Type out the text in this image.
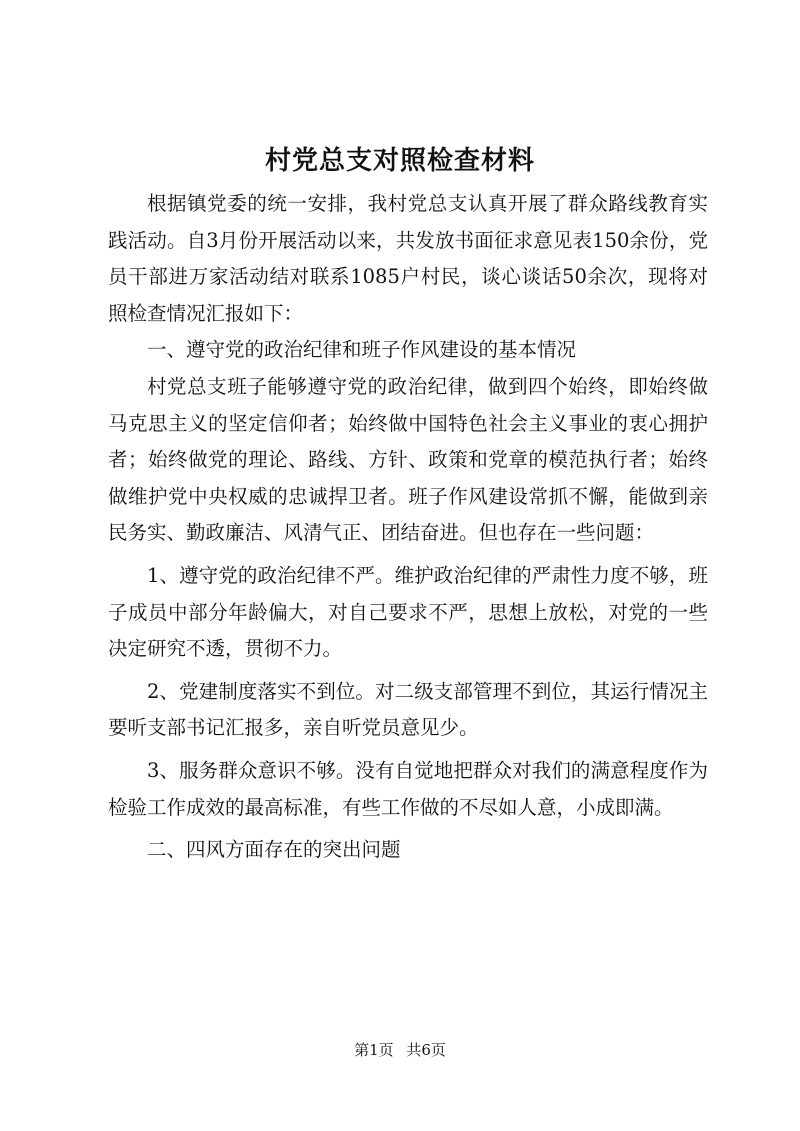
村党总支对照检查材料

根据镇党委的统一安排，我村党总支认真开展了群众路线教育实践活动。自3月份开展活动以来，共发放书面征求意见表150余份，党员干部进万家活动结对联系1085户村民，谈心谈话50余次，现将对照检查情况汇报如下：

一、遵守党的政治纪律和班子作风建设的基本情况

村党总支班子能够遵守党的政治纪律，做到四个始终，即始终做马克思主义的坚定信仰者；始终做中国特色社会主义事业的衷心拥护者；始终做党的理论、路线、方针、政策和党章的模范执行者；始终做维护党中央权威的忠诚捍卫者。班子作风建设常抓不懈，能做到亲民务实、勤政廉洁、风清气正、团结奋进。但也存在一些问题：

1、遵守党的政治纪律不严。维护政治纪律的严肃性力度不够，班子成员中部分年龄偏大，对自己要求不严，思想上放松，对党的一些决定研究不透，贯彻不力。

2、党建制度落实不到位。对二级支部管理不到位，其运行情况主要听支部书记汇报多，亲自听党员意见少。

3、服务群众意识不够。没有自觉地把群众对我们的满意程度作为检验工作成效的最高标准，有些工作做的不尽如人意，小成即满。

二、四风方面存在的突出问题

第1页 共6页
